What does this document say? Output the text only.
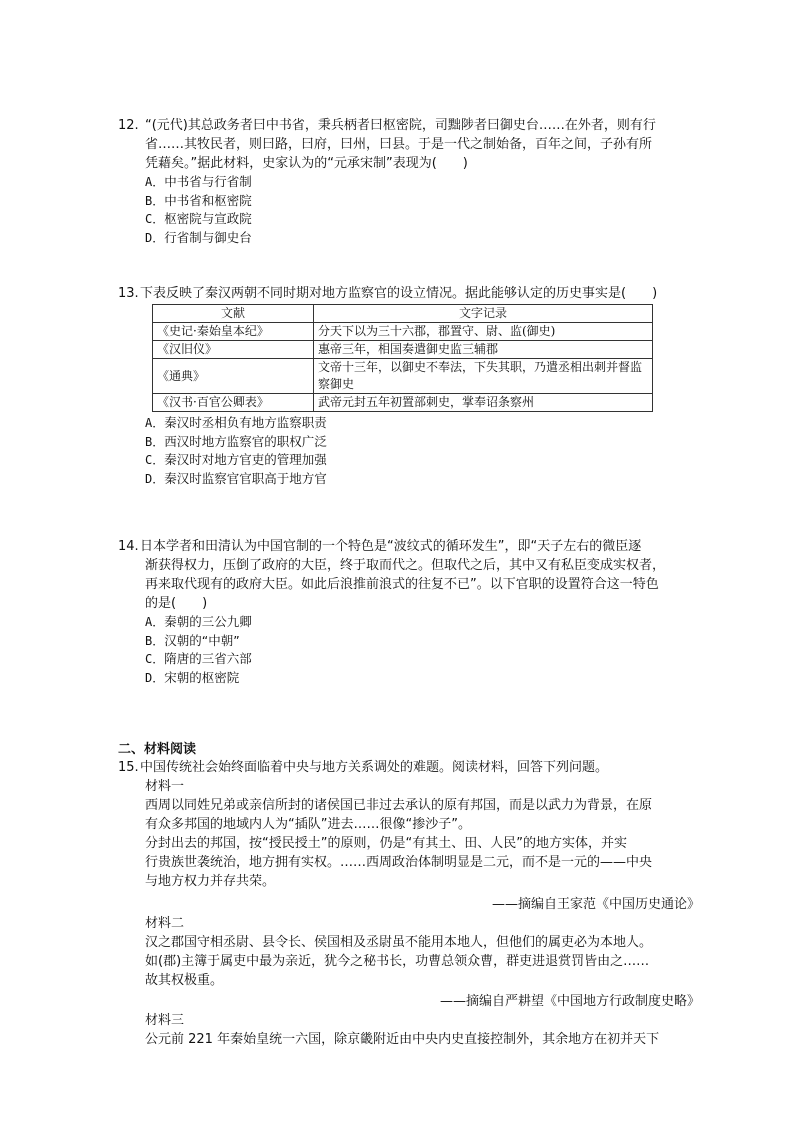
12. “(元代)其总政务者曰中书省，秉兵柄者曰枢密院，司黜陟者曰御史台……在外者，则有行
省……其牧民者，则曰路，曰府，曰州，曰县。于是一代之制始备，百年之间，子孙有所
凭藉矣。”据此材料，史家认为的“元承宋制”表现为(　　)
A．中书省与行省制
B．中书省和枢密院
C．枢密院与宣政院
D．行省制与御史台
13. 下表反映了秦汉两朝不同时期对地方监察官的设立情况。据此能够认定的历史事实是(　　)
文献	文字记录
《史记·秦始皇本纪》	分天下以为三十六郡，郡置守、尉、监(御史)
《汉旧仪》	惠帝三年，相国奏遣御史监三辅郡
《通典》	文帝十三年，以御史不奉法，下失其职，乃遣丞相出刺并督监察御史
《汉书·百官公卿表》	武帝元封五年初置部刺史，掌奉诏条察州
A．秦汉时丞相负有地方监察职责
B．西汉时地方监察官的职权广泛
C．秦汉时对地方官吏的管理加强
D．秦汉时监察官官职高于地方官
14. 日本学者和田清认为中国官制的一个特色是“波纹式的循环发生”，即“天子左右的微臣逐
渐获得权力，压倒了政府的大臣，终于取而代之。但取代之后，其中又有私臣变成实权者，
再来取代现有的政府大臣。如此后浪推前浪式的往复不已”。以下官职的设置符合这一特色
的是(　　)
A．秦朝的三公九卿
B．汉朝的“中朝”
C．隋唐的三省六部
D．宋朝的枢密院
二、材料阅读
15. 中国传统社会始终面临着中央与地方关系调处的难题。阅读材料，回答下列问题。
材料一
西周以同姓兄弟或亲信所封的诸侯国已非过去承认的原有邦国，而是以武力为背景，在原
有众多邦国的地域内人为“插队”进去……很像“掺沙子”。
分封出去的邦国，按“授民授土”的原则，仍是“有其土、田、人民”的地方实体，并实
行贵族世袭统治，地方拥有实权。……西周政治体制明显是二元，而不是一元的——中央
与地方权力并存共荣。
——摘编自王家范《中国历史通论》
材料二
汉之郡国守相丞尉、县令长、侯国相及丞尉虽不能用本地人，但他们的属吏必为本地人。
如(郡)主簿于属吏中最为亲近，犹今之秘书长，功曹总领众曹，群吏进退赏罚皆由之……
故其权极重。
——摘编自严耕望《中国地方行政制度史略》
材料三
公元前 221 年秦始皇统一六国，除京畿附近由中央内史直接控制外，其余地方在初并天下
